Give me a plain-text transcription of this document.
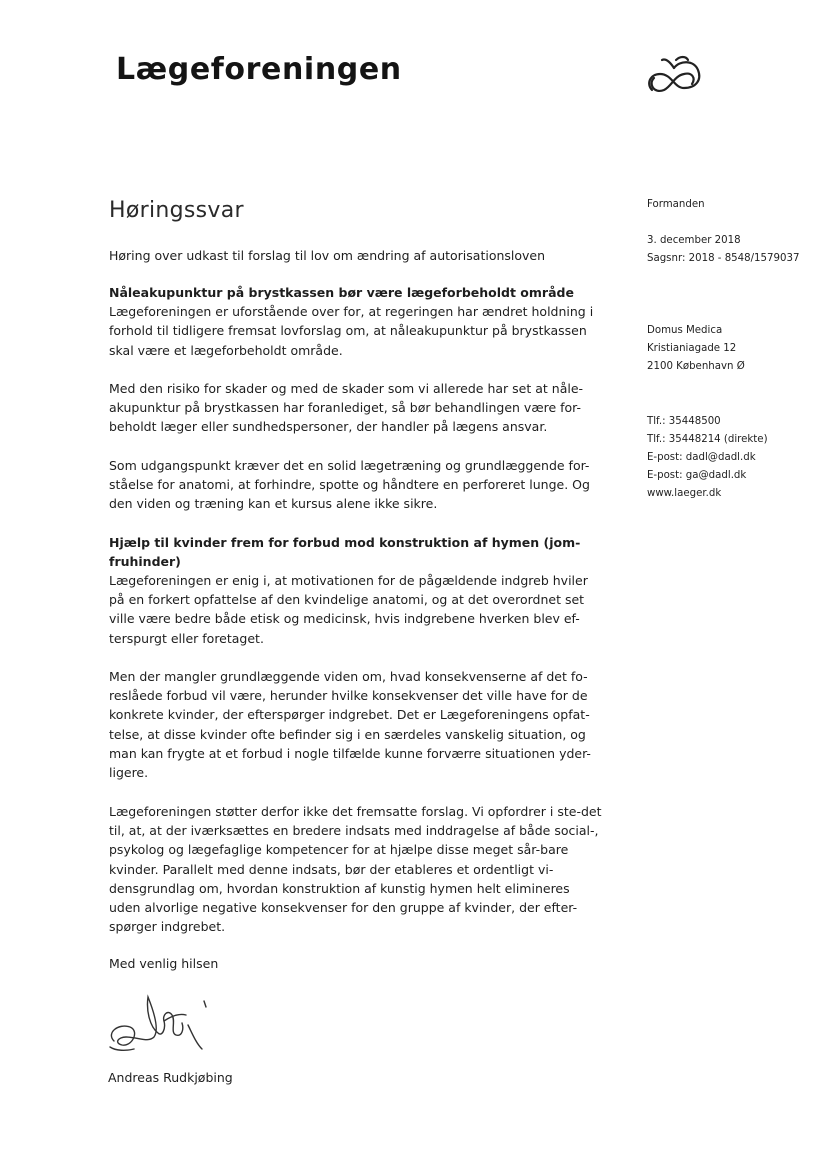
Lægeforeningen
Høringssvar

Høring over udkast til forslag til lov om ændring af autorisationsloven

Nåleakupunktur på brystkassen bør være lægeforbeholdt område

Lægeforeningen er uforstående over for, at regeringen har ændret holdning i forhold til tidligere fremsat lovforslag om, at nåleakupunktur på brystkassen skal være et lægeforbeholdt område.

Med den risiko for skader og med de skader som vi allerede har set at nåle-akupunktur på brystkassen har foranlediget, så bør behandlingen være for-beholdt læger eller sundhedspersoner, der handler på lægens ansvar.

Som udgangspunkt kræver det en solid lægetræning og grundlæggende for-ståelse for anatomi, at forhindre, spotte og håndtere en perforeret lunge. Og den viden og træning kan et kursus alene ikke sikre.

Hjælp til kvinder frem for forbud mod konstruktion af hymen (jom-fruhinder)

Lægeforeningen er enig i, at motivationen for de pågældende indgreb hviler på en forkert opfattelse af den kvindelige anatomi, og at det overordnet set ville være bedre både etisk og medicinsk, hvis indgrebene hverken blev ef-terspurgt eller foretaget.

Men der mangler grundlæggende viden om, hvad konsekvenserne af det fo-reslåede forbud vil være, herunder hvilke konsekvenser det ville have for de konkrete kvinder, der efterspørger indgrebet. Det er Lægeforeningens opfat-telse, at disse kvinder ofte befinder sig i en særdeles vanskelig situation, og man kan frygte at et forbud i nogle tilfælde kunne forværre situationen yder-ligere.

Lægeforeningen støtter derfor ikke det fremsatte forslag. Vi opfordrer i ste-det til, at, at der iværksættes en bredere indsats med inddragelse af både social-, psykolog og lægefaglige kompetencer for at hjælpe disse meget sår-bare kvinder. Parallelt med denne indsats, bør der etableres et ordentligt vi-densgrundlag om, hvordan konstruktion af kunstig hymen helt elimineres uden alvorlige negative konsekvenser for den gruppe af kvinder, der efter-spørger indgrebet.

Med venlig hilsen

Andreas Rudkjøbing
Formanden
3. december 2018
Sagsnr: 2018 - 8548/1579037
Domus Medica
Kristianiagade 12
2100 København Ø
Tlf.: 35448500
Tlf.: 35448214 (direkte)
E-post: dadl@dadl.dk
E-post: ga@dadl.dk
www.laeger.dk
